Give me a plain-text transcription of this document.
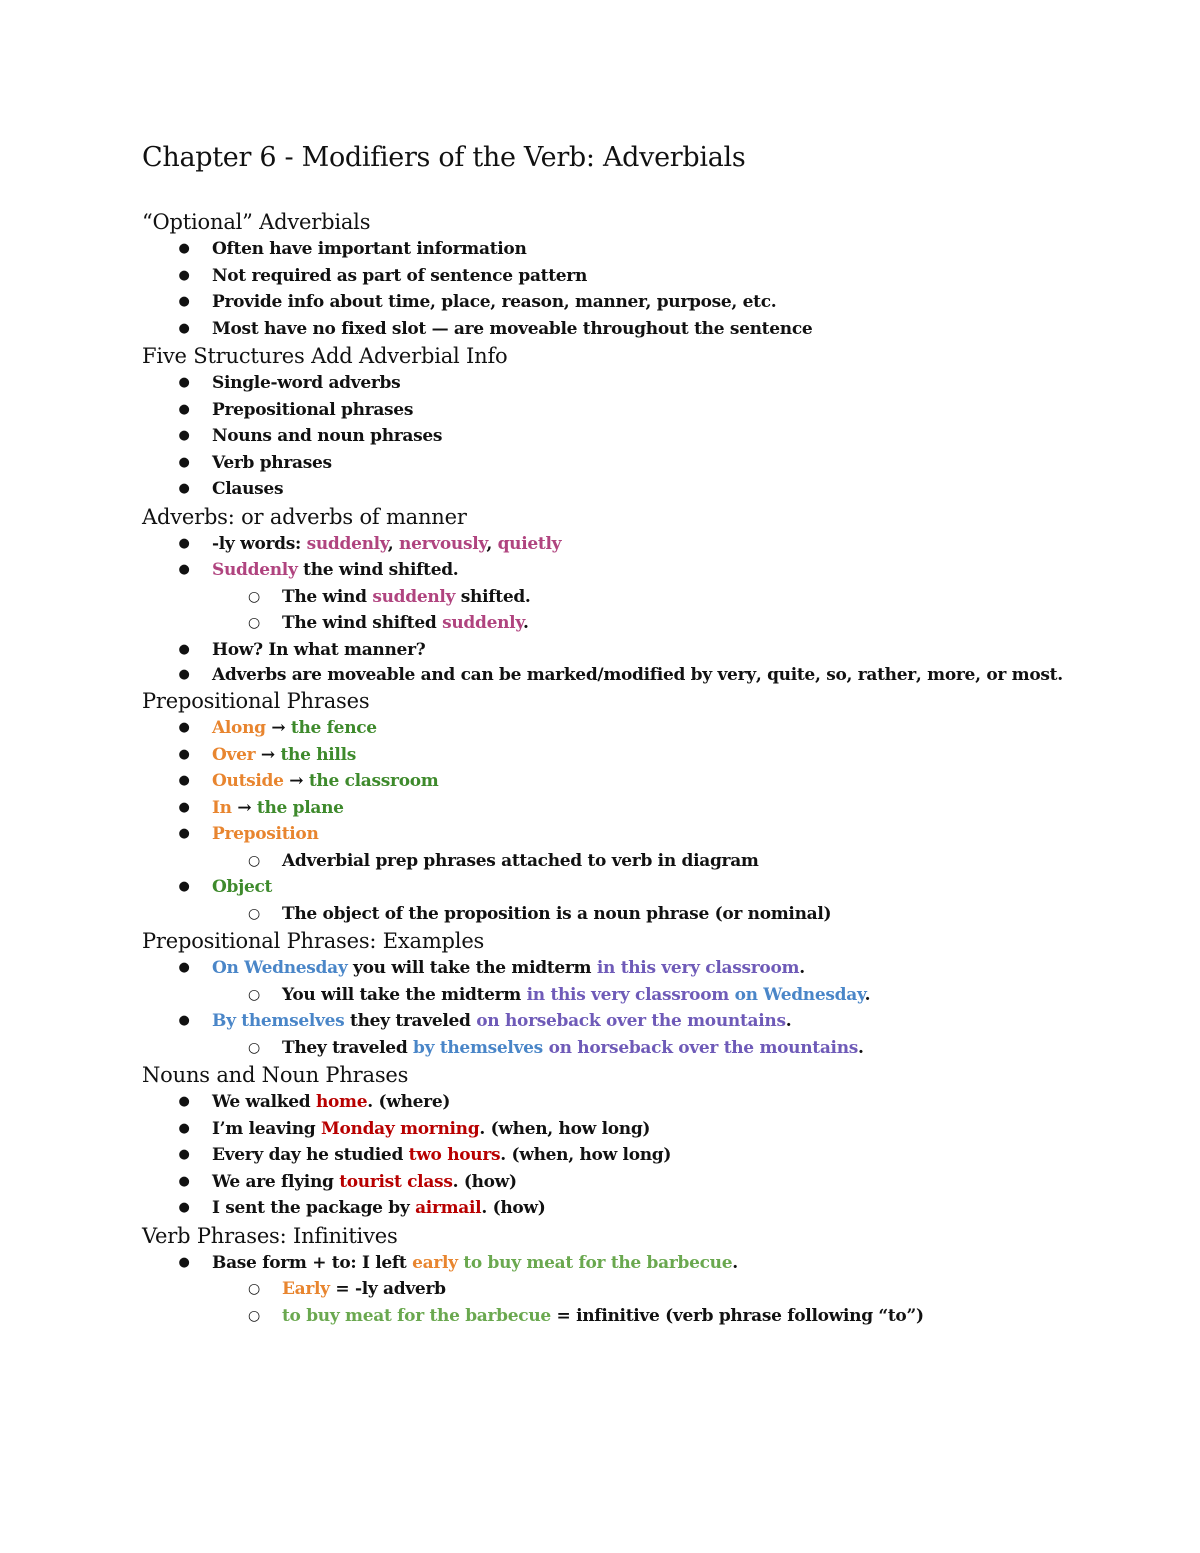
Chapter 6 - Modifiers of the Verb: Adverbials
“Optional” Adverbials
● Often have important information
● Not required as part of sentence pattern
● Provide info about time, place, reason, manner, purpose, etc.
● Most have no fixed slot — are moveable throughout the sentence
Five Structures Add Adverbial Info
● Single-word adverbs
● Prepositional phrases
● Nouns and noun phrases
● Verb phrases
● Clauses
Adverbs: or adverbs of manner
● -ly words: suddenly, nervously, quietly
● Suddenly the wind shifted.
○ The wind suddenly shifted.
○ The wind shifted suddenly.
● How? In what manner?
● Adverbs are moveable and can be marked/modified by very, quite, so, rather, more, or most.
Prepositional Phrases
● Along → the fence
● Over → the hills
● Outside → the classroom
● In → the plane
● Preposition
○ Adverbial prep phrases attached to verb in diagram
● Object
○ The object of the proposition is a noun phrase (or nominal)
Prepositional Phrases: Examples
● On Wednesday you will take the midterm in this very classroom.
○ You will take the midterm in this very classroom on Wednesday.
● By themselves they traveled on horseback over the mountains.
○ They traveled by themselves on horseback over the mountains.
Nouns and Noun Phrases
● We walked home. (where)
● I’m leaving Monday morning. (when, how long)
● Every day he studied two hours. (when, how long)
● We are flying tourist class. (how)
● I sent the package by airmail. (how)
Verb Phrases: Infinitives
● Base form + to: I left early to buy meat for the barbecue.
○ Early = -ly adverb
○ to buy meat for the barbecue = infinitive (verb phrase following “to”)
